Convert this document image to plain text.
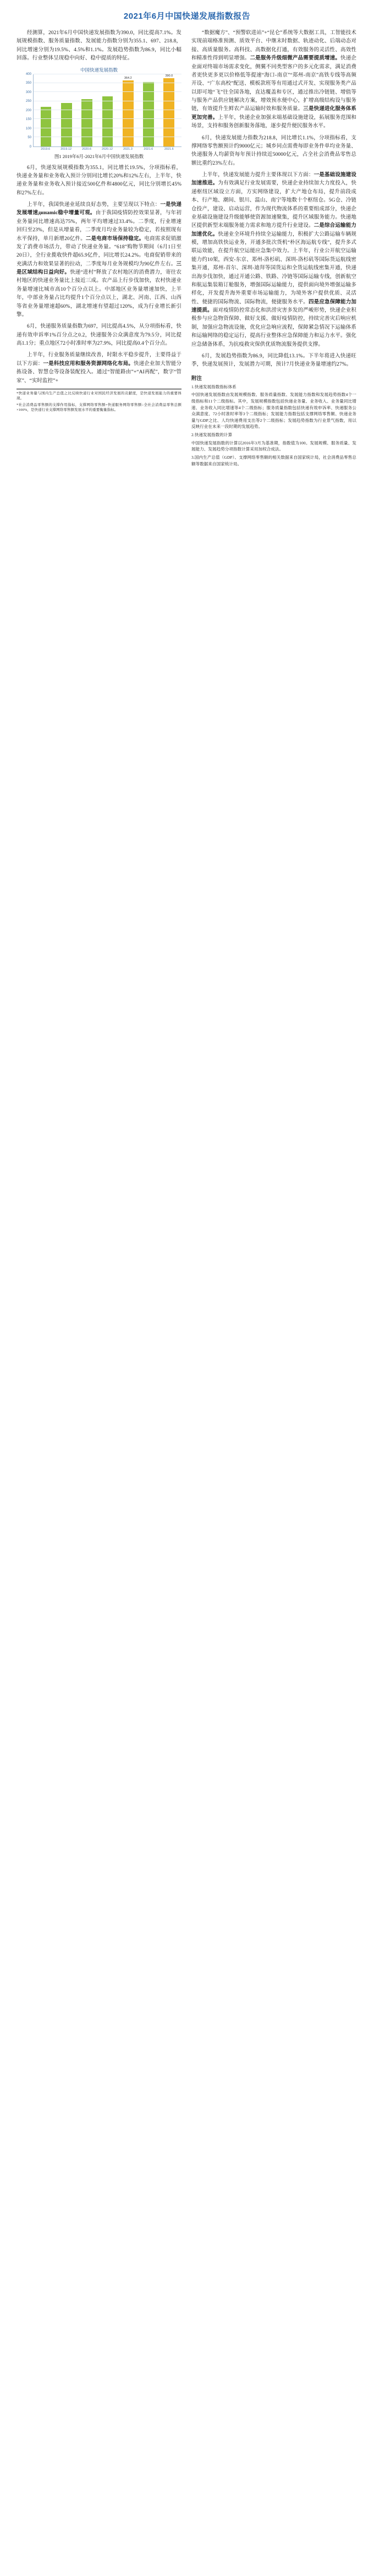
2021年6月中国快递发展指数报告

经测算，2021年6月中国快递发展指数为390.0，同比提高7.1%。发展规模指数、服务质量指数、发展能力指数分别为355.1、697、218.8，同比增速分别为19.5%、4.5%和1.1%。发展趋势指数为86.9，同比小幅回落。行业整体呈现稳中向好、稳中提质的特征。

中国快递发展指数
0
50
100
150
200
250
300
350
400
364.2
390.0
2019.6	2019.12	2020.6	2020.12	2021.3	2021.6	2021.6
图1 2019年6月-2021年6月中国快递发展指数

6月，快递发展规模指数为355.1，同比增长19.5%，分项指标看，快递业务量和业务收入预计分别同比增长20%和12%左右，上半年，快递业务量和业务收入预计接近500亿件和4800亿元，同比分别增长45%和27%左右。

上半年，我国快递业延续良好态势，主要呈现以下特点：一是快递发展增速динamic稳中增量可观。由于我国疫情防控效果显著，与年初业务量同比增速高达75%，两年平均增速过33.4%。二季度，行业增速回归至23%，但是从增量看，二季度月均业务量较为稳定，若按照现有水平保持，单月新增20亿件。二是电商市场保持稳定。电商需求促销激发了消费市场活力，带动了快递业务量。“618”购物节期间（6月1日至20日），全行业揽收快件超65.9亿件，同比增长24.2%。电商促销带来的充满活力和效果显著的拉动，二季度每月业务规模均为90亿件左右。三是区域结构日益向好。快递“进村”释放了农村地区的消费潜力，寄往农村地区的快递业务量比上接近三成。农产品上行步伐加快，农村快递业务量增速比城市高10个百分点以上。中部地区业务量增速加快，上半年，中部业务量占比均提升1个百分点以上，湖北、河南、江西、山西等省业务量增速超60%，湖北增速有望超过120%，成为行业增长新引擎。

6月，快递服务质量指数为697，同比提高4.5%，从分项指标看，快递有效申诉率1%百分点之0.2，快递服务公众满意度为79.5分，同比提高1.1分；重点地区72小时准时率为27.9%，同比提高0.4个百分点。

上半年，行业服务质量继续改善，时限水平稳步提升，主要得益于以下方面：一是科技应用和服务资源网络化布局。快递企业加大智能分拣设备、智慧仓等设备装配投入。通过“智能路由”+“AI再配”，数字“管家”、“实时监控”+

*快递业务量与国内生产总值之比反映快递行业对国民经济发展的贡献度，是快递发展能力的重要体现。

*社会消费品零售额的支撑作用指标，支撑网络零售额=快递服务网络零售额÷全社会消费品零售总额×100%，是快递行业支撑网络零售额发展水平的重要衡量指标。

“数据魔方”、“预警软进站”+“昆仑”系统等大数据工具，工智能技术实现前端格准预测、质效平台、中继末时数据、轨迹动化、后端动态对接、高质量服务。高科技、高数据化打通，有效服务的灵活性、高效性和精准性得到明显增强。二是服务升级细微产品需要提质增速。快递企业面对终端市场需求变化，侧翼不同类型客户的多元化需求，满足消费者更快更多更以价格低等提速“海口-南京”“郑州-南京”高铁专线等高频开设、“广东高校”配送、模板款班等有用通过式开发、实现服务类产品以即可地“飞”往全国各地，直达覆盖和专区，通过推出冷链链、增值等与服务产品供应链解决方案，增效预水便中心，扩增高级结构设与服务链，有效提升生鲜农产品运输时效和服务质量。三是快递进化服务体系更加完善。上半年，快递企业加强末端基础设施建设，拓展服务范围和场景，支持和服务创新服务落地，逐步提升便民服务水平。

6月，快递发展能力指数为218.8，同比增长1.1%，分项指标看，支撑网络零售额预计约9000亿元；城乡同点需费每即业务件单均业务量、快递服务人均薪资每年预计持续近50000亿元，占全社会消费品零售总额比重约23%左右。

上半年，快递发展能力提升主要体现以下方面：一是基础设施建设加速推进。为有效满足行业发展需要，快递企业持续加大力度投入，快递枢纽区域设立方面，方实网络建设，扩大产地仓布局，提升前段成本、行产地、潮间、银川、温山、南宁等地数十个枢纽仓。5G仓、冷链仓投产，建设、启动运营，作为现代物流体系的重要组成部分，快递企业基础设施建设升级能够使资源加速聚集，提升区域服务能力。快递地区提供新型末端服务能力需求和地方提升行业建设。二是综合运输能力加速优化。快递业全环境升持续全运输能力，积极扩大公路运输车辆规模，增加高铁快运业务，开通多批次货机“朴区海运航专线”，提升多式联运效能，在提升航空运能应急集中效力。上半年，行业公开航空运输能力约10架，西安-东京、郑州-洛杉矶、深圳-洛杉矶等国际货运航线密集开通，郑州-首尔、深圳-迪拜等国货运和全货运航线密集开通，快递出海步伐加快，通过开通公路、铁路、冷链等国际运输专线，创新航空和航运集装箱订舱服务，增强国际运输能力，提供面向境外增强运输多样化，开发提升海外重要市场运输能力，为境外客户提供优质、灵活性、便捷的国际物流、国际物流，便捷服务水平。四是应急保障能力加速提质。面对疫情防控常态化和洪涝灾害多发的严峻形势，快递企业积极参与应急物资保障、做好支援、做好疫情防控，持续完善灾后响应机制，加强应急物流设施，优化应急响应流程，保障紧急情况下运输体系和运输网络的稳定运行，提高行业整体应急保障能力和运力水平。强化应急储备体系，为抗疫救灾保供优质物流服务提供支撑。

6月，发展趋势指数为86.9，同比降低13.1%。下半年将进入快递旺季，快递发展预计，发展潜力可期，预计7月快递业务量增速约27%。

附注

1.快递发展指数指标体系

中国快递发展指数由发展规模指数、服务质量指数、发展能力指数和发展趋势指数4个一级指标和11个二级指标。其中，发展规模指数包括快递业务量、业务收入、业务量同比增速、业务收入同比增速等4个二级指标；服务质量指数包括快递有效申诉率、快递服务公众满意度、72小时准时率等3个二级指标；发展能力指数包括支撑网络零售额、快递业务量与GDP之比、人均快递费用支出等2个二级指标；发展趋势指数为行业景气指数，用以反映行业在未来一段时期的发展趋势。

2.快递发展指数的计算

中国快递发展指数的计算以2016年3月为基准期，指数值为100。发展规模、服务质量、发展能力、发展趋势分项指数计算采用加权合成法。

3.国内生产总值（GDP）、支撑网络零售额的相关数据来自国家统计局，社会消费品零售总额等数据来自国家统计局。
